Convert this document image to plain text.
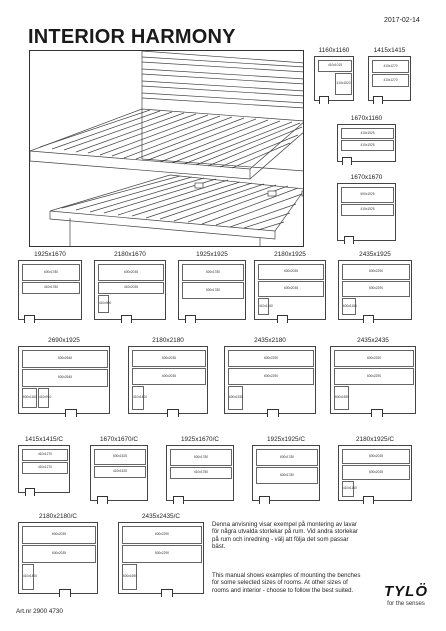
2017-02-14
INTERIOR HARMONY
1160x1160
410x1015
410x1520
1415x1415
410x1270
410x1270
1670x1160
410x1525
410x1525
1670x1670
600x1525
410x1525
1925x1670
600x1780
410x1780
2180x1670
600x2035
410x2035
410x900
1925x1925
600x1780
600x1780
2180x1925
600x2035
600x2035
410x1160
2435x1925
600x2290
600x2290
600x1160
2690x1925
600x2545
600x2545
600x1160 410x910
2180x2180
600x2035
600x2035
410x1400
2435x2180
600x2290
600x2290
600x1535
2435x2435
600x2290
600x2290
600x1690
1415x1415/C
410x1270
410x1270
1670x1670/C
600x1525
410x1525
1925x1670/C
600x1780
410x1780
1925x1925/C
600x1780
600x1780
2180x1925/C
600x2035
600x2035
410x1160
2180x2180/C
600x2035
600x2035
410x1400
2435x2435/C
600x2290
600x2290
600x1690
Denna anvisning visar exempel på montering av lavar för några utvalda storlekar på rum. Vid andra storlekar på rum och inredning - välj att följa det som passar bäst.
This manual shows examples of mounting the benches for some selected sizes of rooms. At other sizes of rooms and interior - choose to follow the best suited.	TYLÖ
for the senses
Art.nr 2900 4730
